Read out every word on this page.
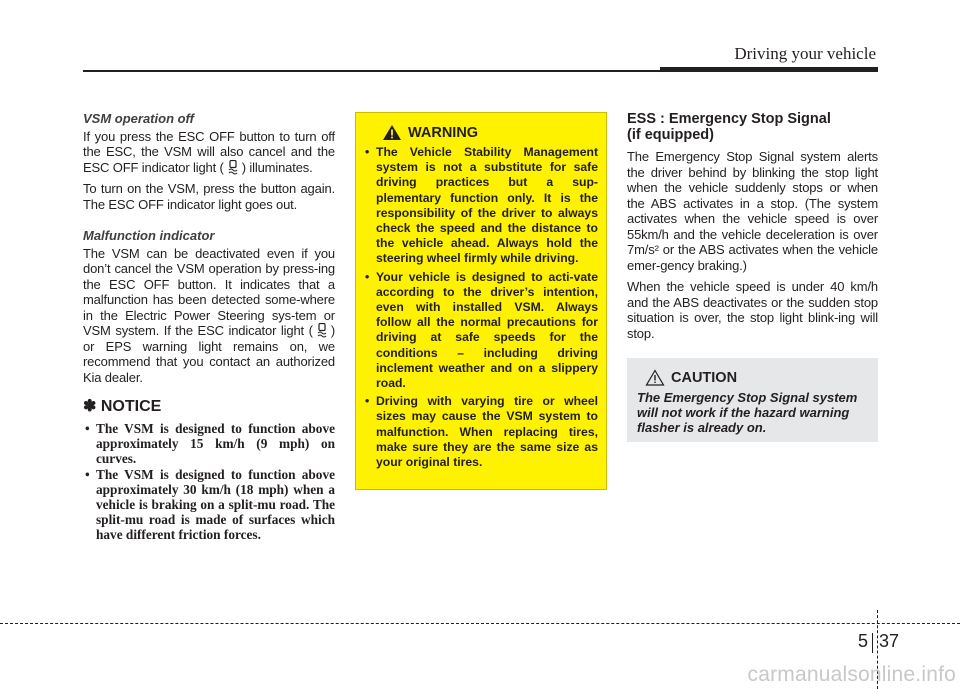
Driving your vehicle
VSM operation off

If you press the ESC OFF button to turn off the ESC, the VSM will also cancel and the ESC OFF indicator light ( ) illuminates.

To turn on the VSM, press the button again. The ESC OFF indicator light goes out.

Malfunction indicator

The VSM can be deactivated even if you don’t cancel the VSM operation by press-ing the ESC OFF button. It indicates that a malfunction has been detected some-where in the Electric Power Steering sys-tem or VSM system. If the ESC indicator light ( ) or EPS warning light remains on, we recommend that you contact an authorized Kia dealer.

✽ NOTICE
• The VSM is designed to function above approximately 15 km/h (9 mph) on curves.
• The VSM is designed to function above approximately 30 km/h (18 mph) when a vehicle is braking on a split-mu road. The split-mu road is made of surfaces which have different friction forces.
WARNING
• The Vehicle Stability Management system is not a substitute for safe driving practices but a sup-plementary function only. It is the responsibility of the driver to always check the speed and the distance to the vehicle ahead. Always hold the steering wheel firmly while driving.
• Your vehicle is designed to acti-vate according to the driver’s intention, even with installed VSM. Always follow all the normal precautions for driving at safe speeds for the conditions – including driving inclement weather and on a slippery road.
• Driving with varying tire or wheel sizes may cause the VSM system to malfunction. When replacing tires, make sure they are the same size as your original tires.
ESS : Emergency Stop Signal
(if equipped)

The Emergency Stop Signal system alerts the driver behind by blinking the stop light when the vehicle suddenly stops or when the ABS activates in a stop. (The system activates when the vehicle speed is over 55km/h and the vehicle deceleration is over 7m/s² or the ABS activates when the vehicle emer-gency braking.)

When the vehicle speed is under 40 km/h and the ABS deactivates or the sudden stop situation is over, the stop light blink-ing will stop.

CAUTION
The Emergency Stop Signal system will not work if the hazard warning flasher is already on.
5 37
carmanualsonline.info
